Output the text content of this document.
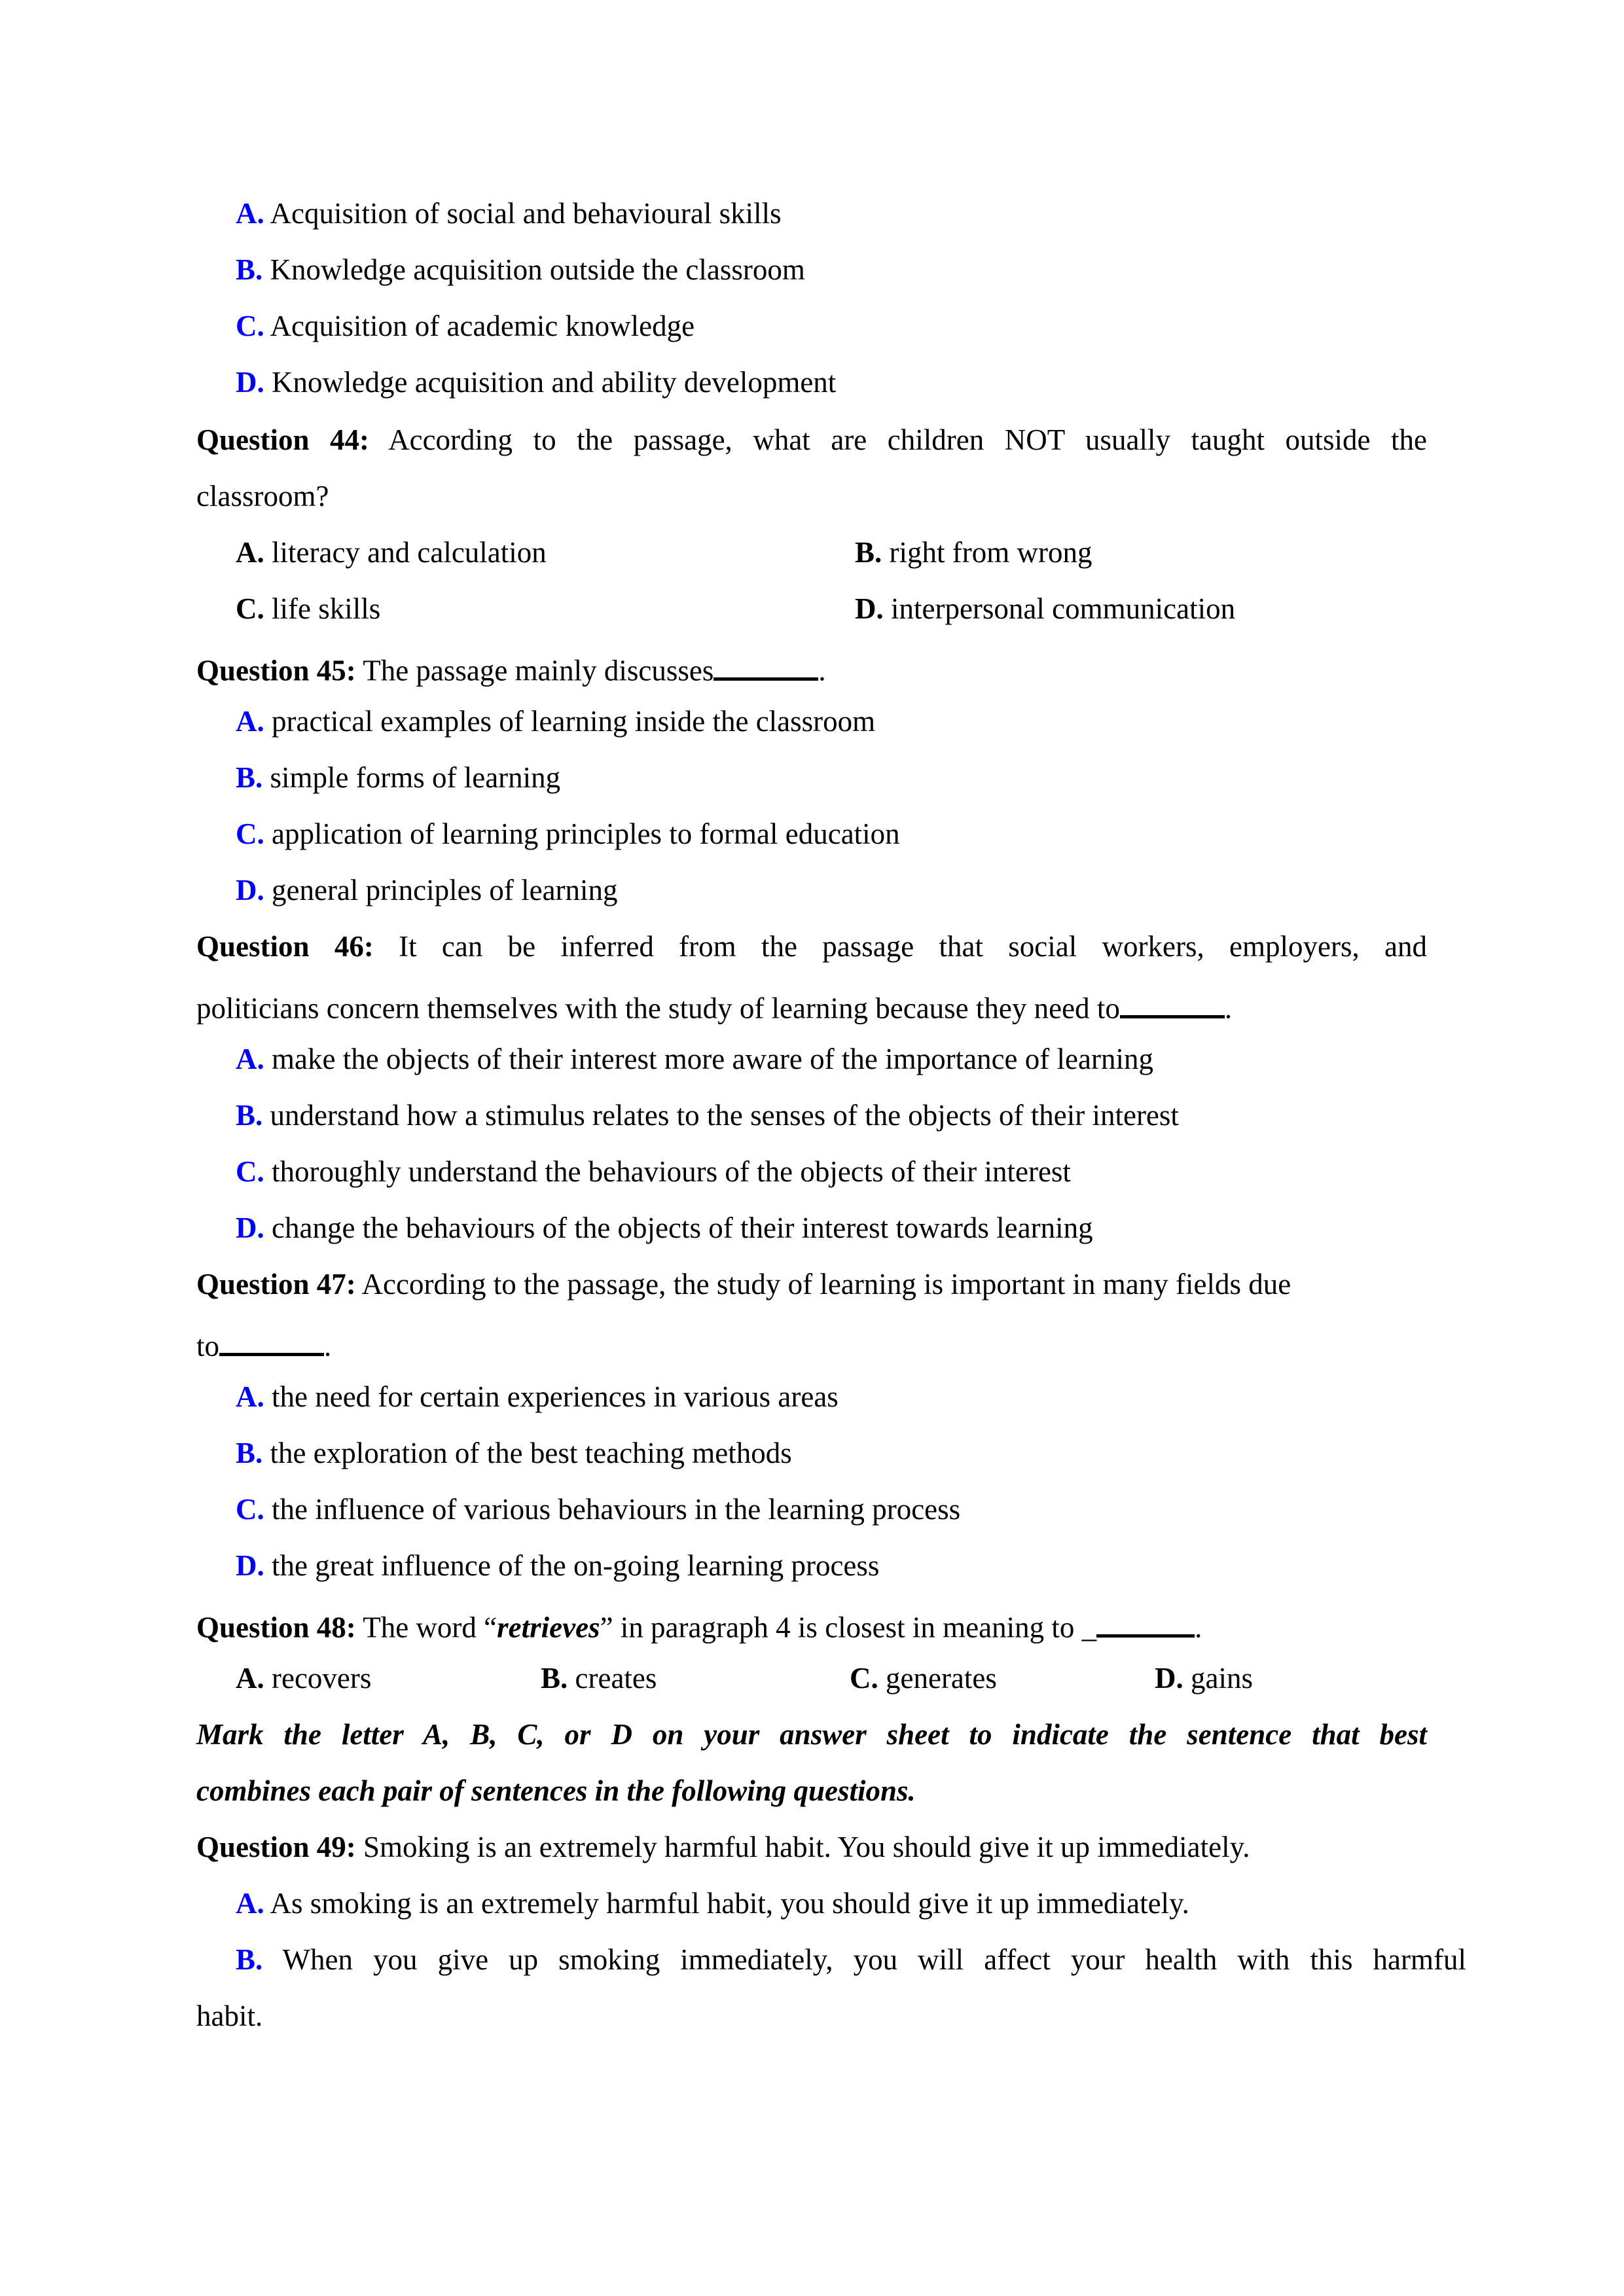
A. Acquisition of social and behavioural skills
B. Knowledge acquisition outside the classroom
C. Acquisition of academic knowledge
D. Knowledge acquisition and ability development
Question 44: According to the passage, what are children NOT usually taught outside the
classroom?
A. literacy and calculation	B. right from wrong
C. life skills	D. interpersonal communication
Question 45: The passage mainly discusses	.
A. practical examples of learning inside the classroom
B. simple forms of learning
C. application of learning principles to formal education
D. general principles of learning
Question 46: It can be inferred from the passage that social workers, employers, and
politicians concern themselves with the study of learning because they need to	.
A. make the objects of their interest more aware of the importance of learning
B. understand how a stimulus relates to the senses of the objects of their interest
C. thoroughly understand the behaviours of the objects of their interest
D. change the behaviours of the objects of their interest towards learning
Question 47: According to the passage, the study of learning is important in many fields due
to	.
A. the need for certain experiences in various areas
B. the exploration of the best teaching methods
C. the influence of various behaviours in the learning process
D. the great influence of the on-going learning process
Question 48: The word “retrieves” in paragraph 4 is closest in meaning to _	.
A. recovers	B. creates	C. generates	D. gains
Mark the letter A, B, C, or D on your answer sheet to indicate the sentence that best
combines each pair of sentences in the following questions.
Question 49: Smoking is an extremely harmful habit. You should give it up immediately.
A. As smoking is an extremely harmful habit, you should give it up immediately.
B. When you give up smoking immediately, you will affect your health with this harmful
habit.
